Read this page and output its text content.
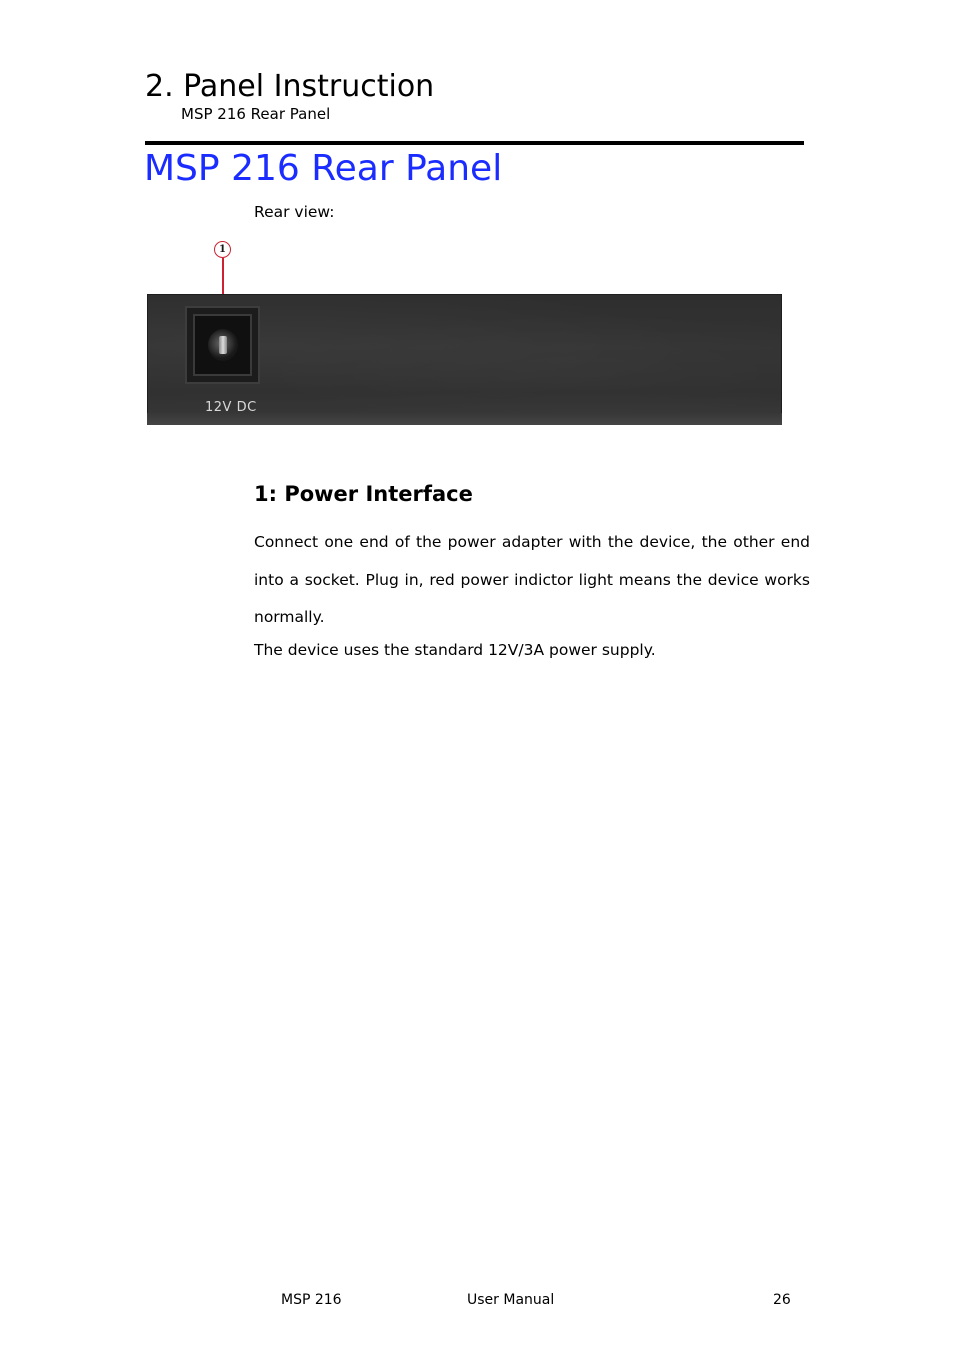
2. Panel Instruction
MSP 216 Rear Panel
MSP 216 Rear Panel
Rear view:
1
12V DC
1: Power Interface

Connect one end of the power adapter with the device, the other end into a socket. Plug in, red power indictor light means the device works normally.

The device uses the standard 12V/3A power supply.

MSP 216	User Manual	26
